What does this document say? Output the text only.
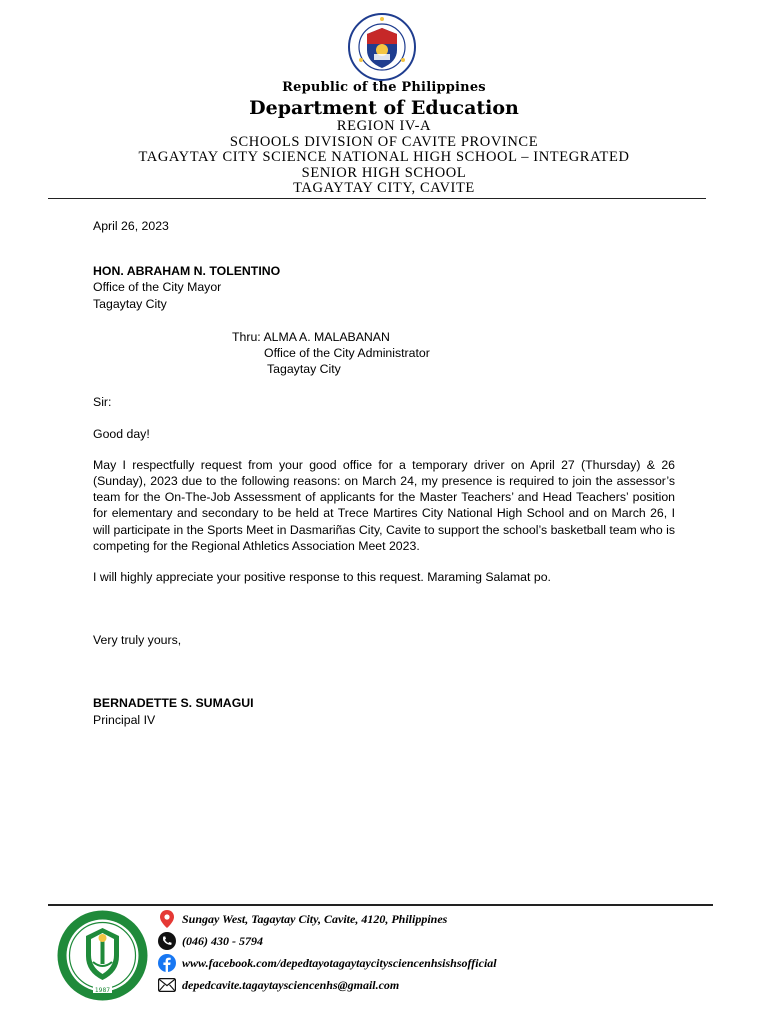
Republic of the Philippines
Department of Education
REGION IV-A
SCHOOLS DIVISION OF CAVITE PROVINCE
TAGAYTAY CITY SCIENCE NATIONAL HIGH SCHOOL – INTEGRATED
SENIOR HIGH SCHOOL
TAGAYTAY CITY, CAVITE
April 26, 2023
HON. ABRAHAM N. TOLENTINO
Office of the City Mayor
Tagaytay City
Thru: ALMA A. MALABANAN
Office of the City Administrator
Tagaytay City
Sir:
Good day!
May I respectfully request from your good office for a temporary driver on April 27 (Thursday) & 26 (Sunday), 2023 due to the following reasons: on March 24, my presence is required to join the assessor’s team for the On-The-Job Assessment of applicants for the Master Teachers’ and Head Teachers’ position for elementary and secondary to be held at Trece Martires City National High School and on March 26, I will participate in the Sports Meet in Dasmariñas City, Cavite to support the school’s basketball team who is competing for the Regional Athletics Association Meet 2023.
I will highly appreciate your positive response to this request. Maraming Salamat po.
Very truly yours,
BERNADETTE S. SUMAGUI
Principal IV
1987
Sungay West, Tagaytay City, Cavite, 4120, Philippines
(046) 430 - 5794
www.facebook.com/depedtayotagaytaycitysciencenhsishsofficial
depedcavite.tagaytaysciencenhs@gmail.com
